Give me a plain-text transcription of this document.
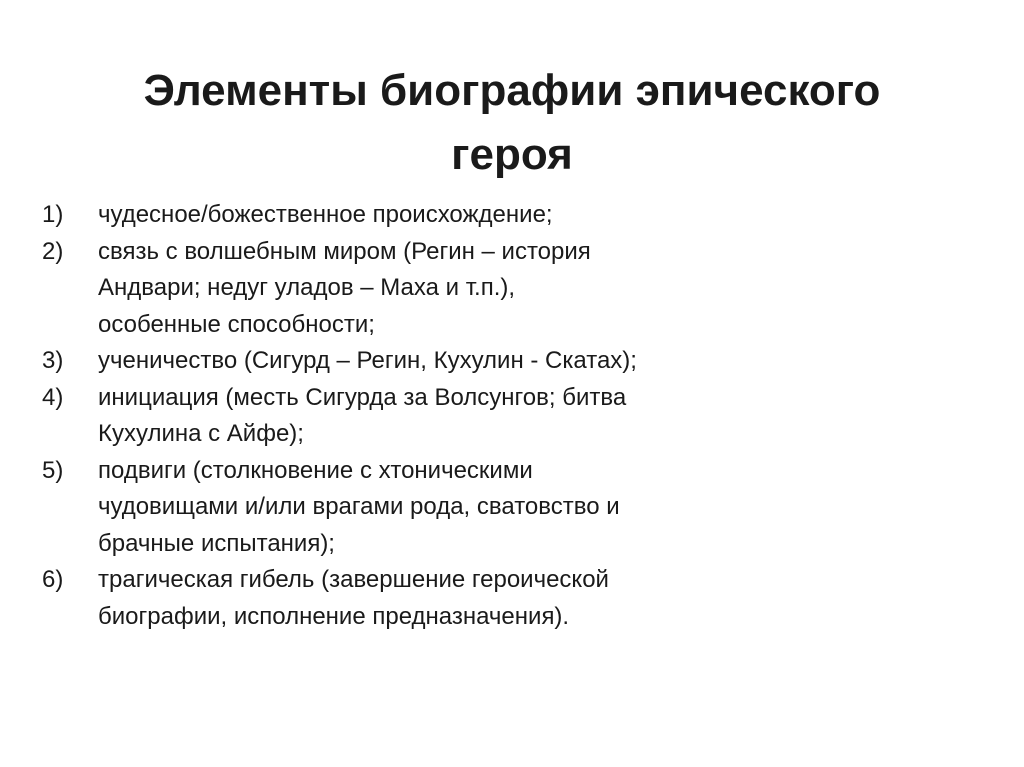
Элементы биографии эпического
героя
1)	чудесное/божественное происхождение;
2)	связь с волшебным миром (Регин – история
Андвари; недуг уладов – Маха и т.п.),
особенные способности;
3)	ученичество (Сигурд – Регин, Кухулин - Скатах);
4)	инициация (месть Сигурда за Волсунгов; битва
Кухулина с Айфе);
5)	подвиги (столкновение с хтоническими
чудовищами и/или врагами рода, сватовство и
брачные испытания);
6)	трагическая гибель (завершение героической
биографии, исполнение предназначения).
